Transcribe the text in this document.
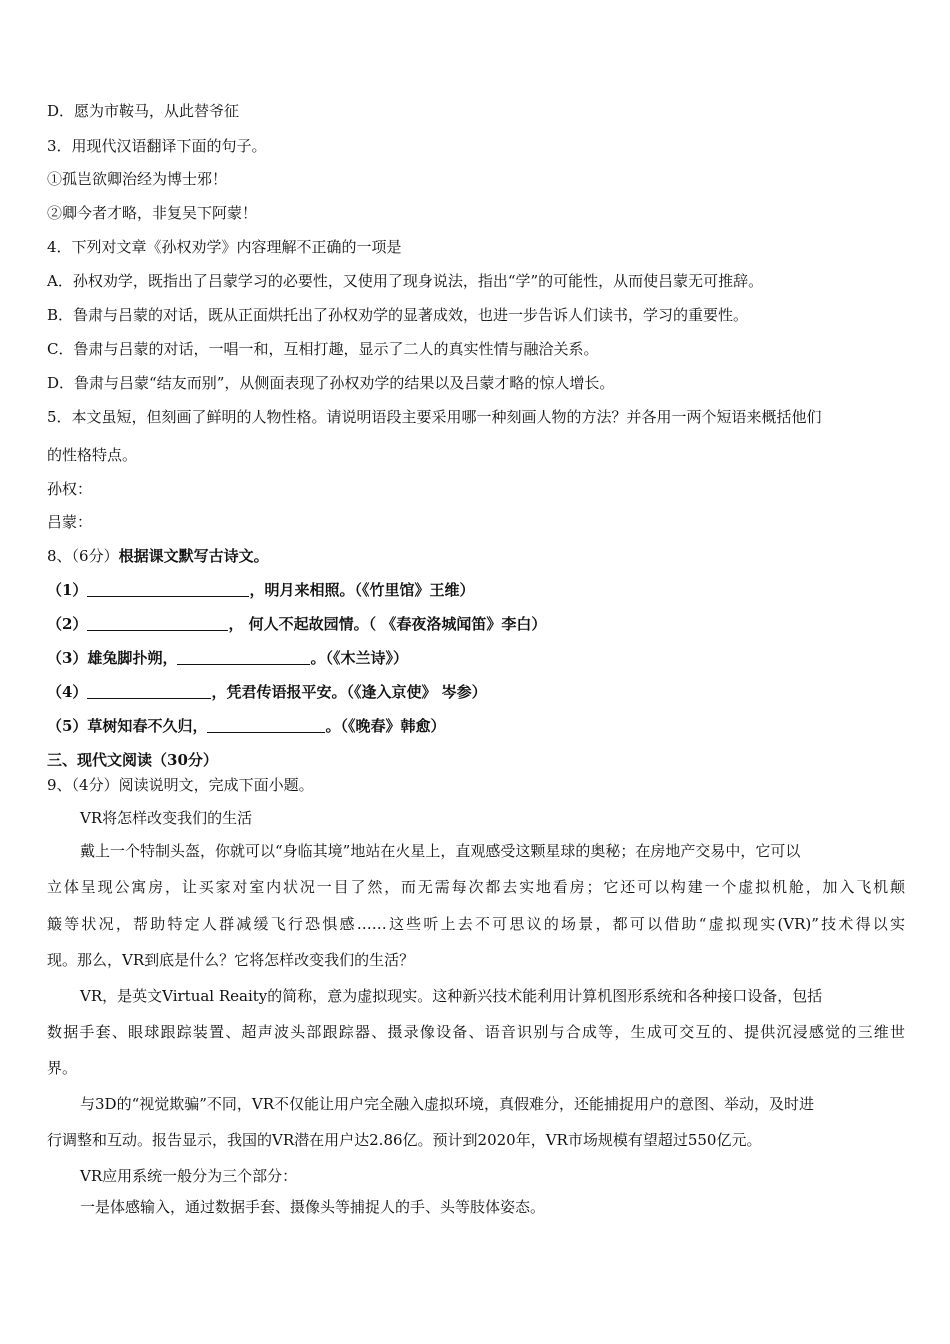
D．愿为市鞍马，从此替爷征
3．用现代汉语翻译下面的句子。
①孤岂欲卿治经为博士邪！
②卿今者才略，非复吴下阿蒙！
4．下列对文章《孙权劝学》内容理解不正确的一项是
A．孙权劝学，既指出了吕蒙学习的必要性，又使用了现身说法，指出“学”的可能性，从而使吕蒙无可推辞。
B．鲁肃与吕蒙的对话，既从正面烘托出了孙权劝学的显著成效，也进一步告诉人们读书，学习的重要性。
C．鲁肃与吕蒙的对话，一唱一和，互相打趣，显示了二人的真实性情与融洽关系。
D．鲁肃与吕蒙“结友而别”，从侧面表现了孙权劝学的结果以及吕蒙才略的惊人增长。
5．本文虽短，但刻画了鲜明的人物性格。请说明语段主要采用哪一种刻画人物的方法？并各用一两个短语来概括他们
的性格特点。
孙权：
吕蒙：
8、（6分）根据课文默写古诗文。
（1）	，明月来相照。（《竹里馆》王维）
（2）	， 何人不起故园情。（ 《春夜洛城闻笛》李白）
（3）雄兔脚扑朔，	。（《木兰诗》）
（4）	，凭君传语报平安。（《逢入京使》 岑参）
（5）草树知春不久归，	。（《晚春》韩愈）
三、现代文阅读（30分）
9、（4分）阅读说明文，完成下面小题。
VR将怎样改变我们的生活
戴上一个特制头盔，你就可以“身临其境”地站在火星上，直观感受这颗星球的奥秘；在房地产交易中，它可以
立体呈现公寓房，让买家对室内状况一目了然，而无需每次都去实地看房；它还可以构建一个虚拟机舱，加入飞机颠
簸等状况，帮助特定人群减缓飞行恐惧感……这些听上去不可思议的场景，都可以借助“虚拟现实(VR)”技术得以实
现。那么，VR到底是什么？它将怎样改变我们的生活？
VR，是英文Virtual Reaity的简称，意为虚拟现实。这种新兴技术能利用计算机图形系统和各种接口设备，包括
数据手套、眼球跟踪装置、超声波头部跟踪器、摄录像设备、语音识别与合成等，生成可交互的、提供沉浸感觉的三维世
界。
与3D的“视觉欺骗”不同，VR不仅能让用户完全融入虚拟环境，真假难分，还能捕捉用户的意图、举动，及时进
行调整和互动。报告显示，我国的VR潜在用户达2.86亿。预计到2020年，VR市场规模有望超过550亿元。
VR应用系统一般分为三个部分：
一是体感输入，通过数据手套、摄像头等捕捉人的手、头等肢体姿态。
